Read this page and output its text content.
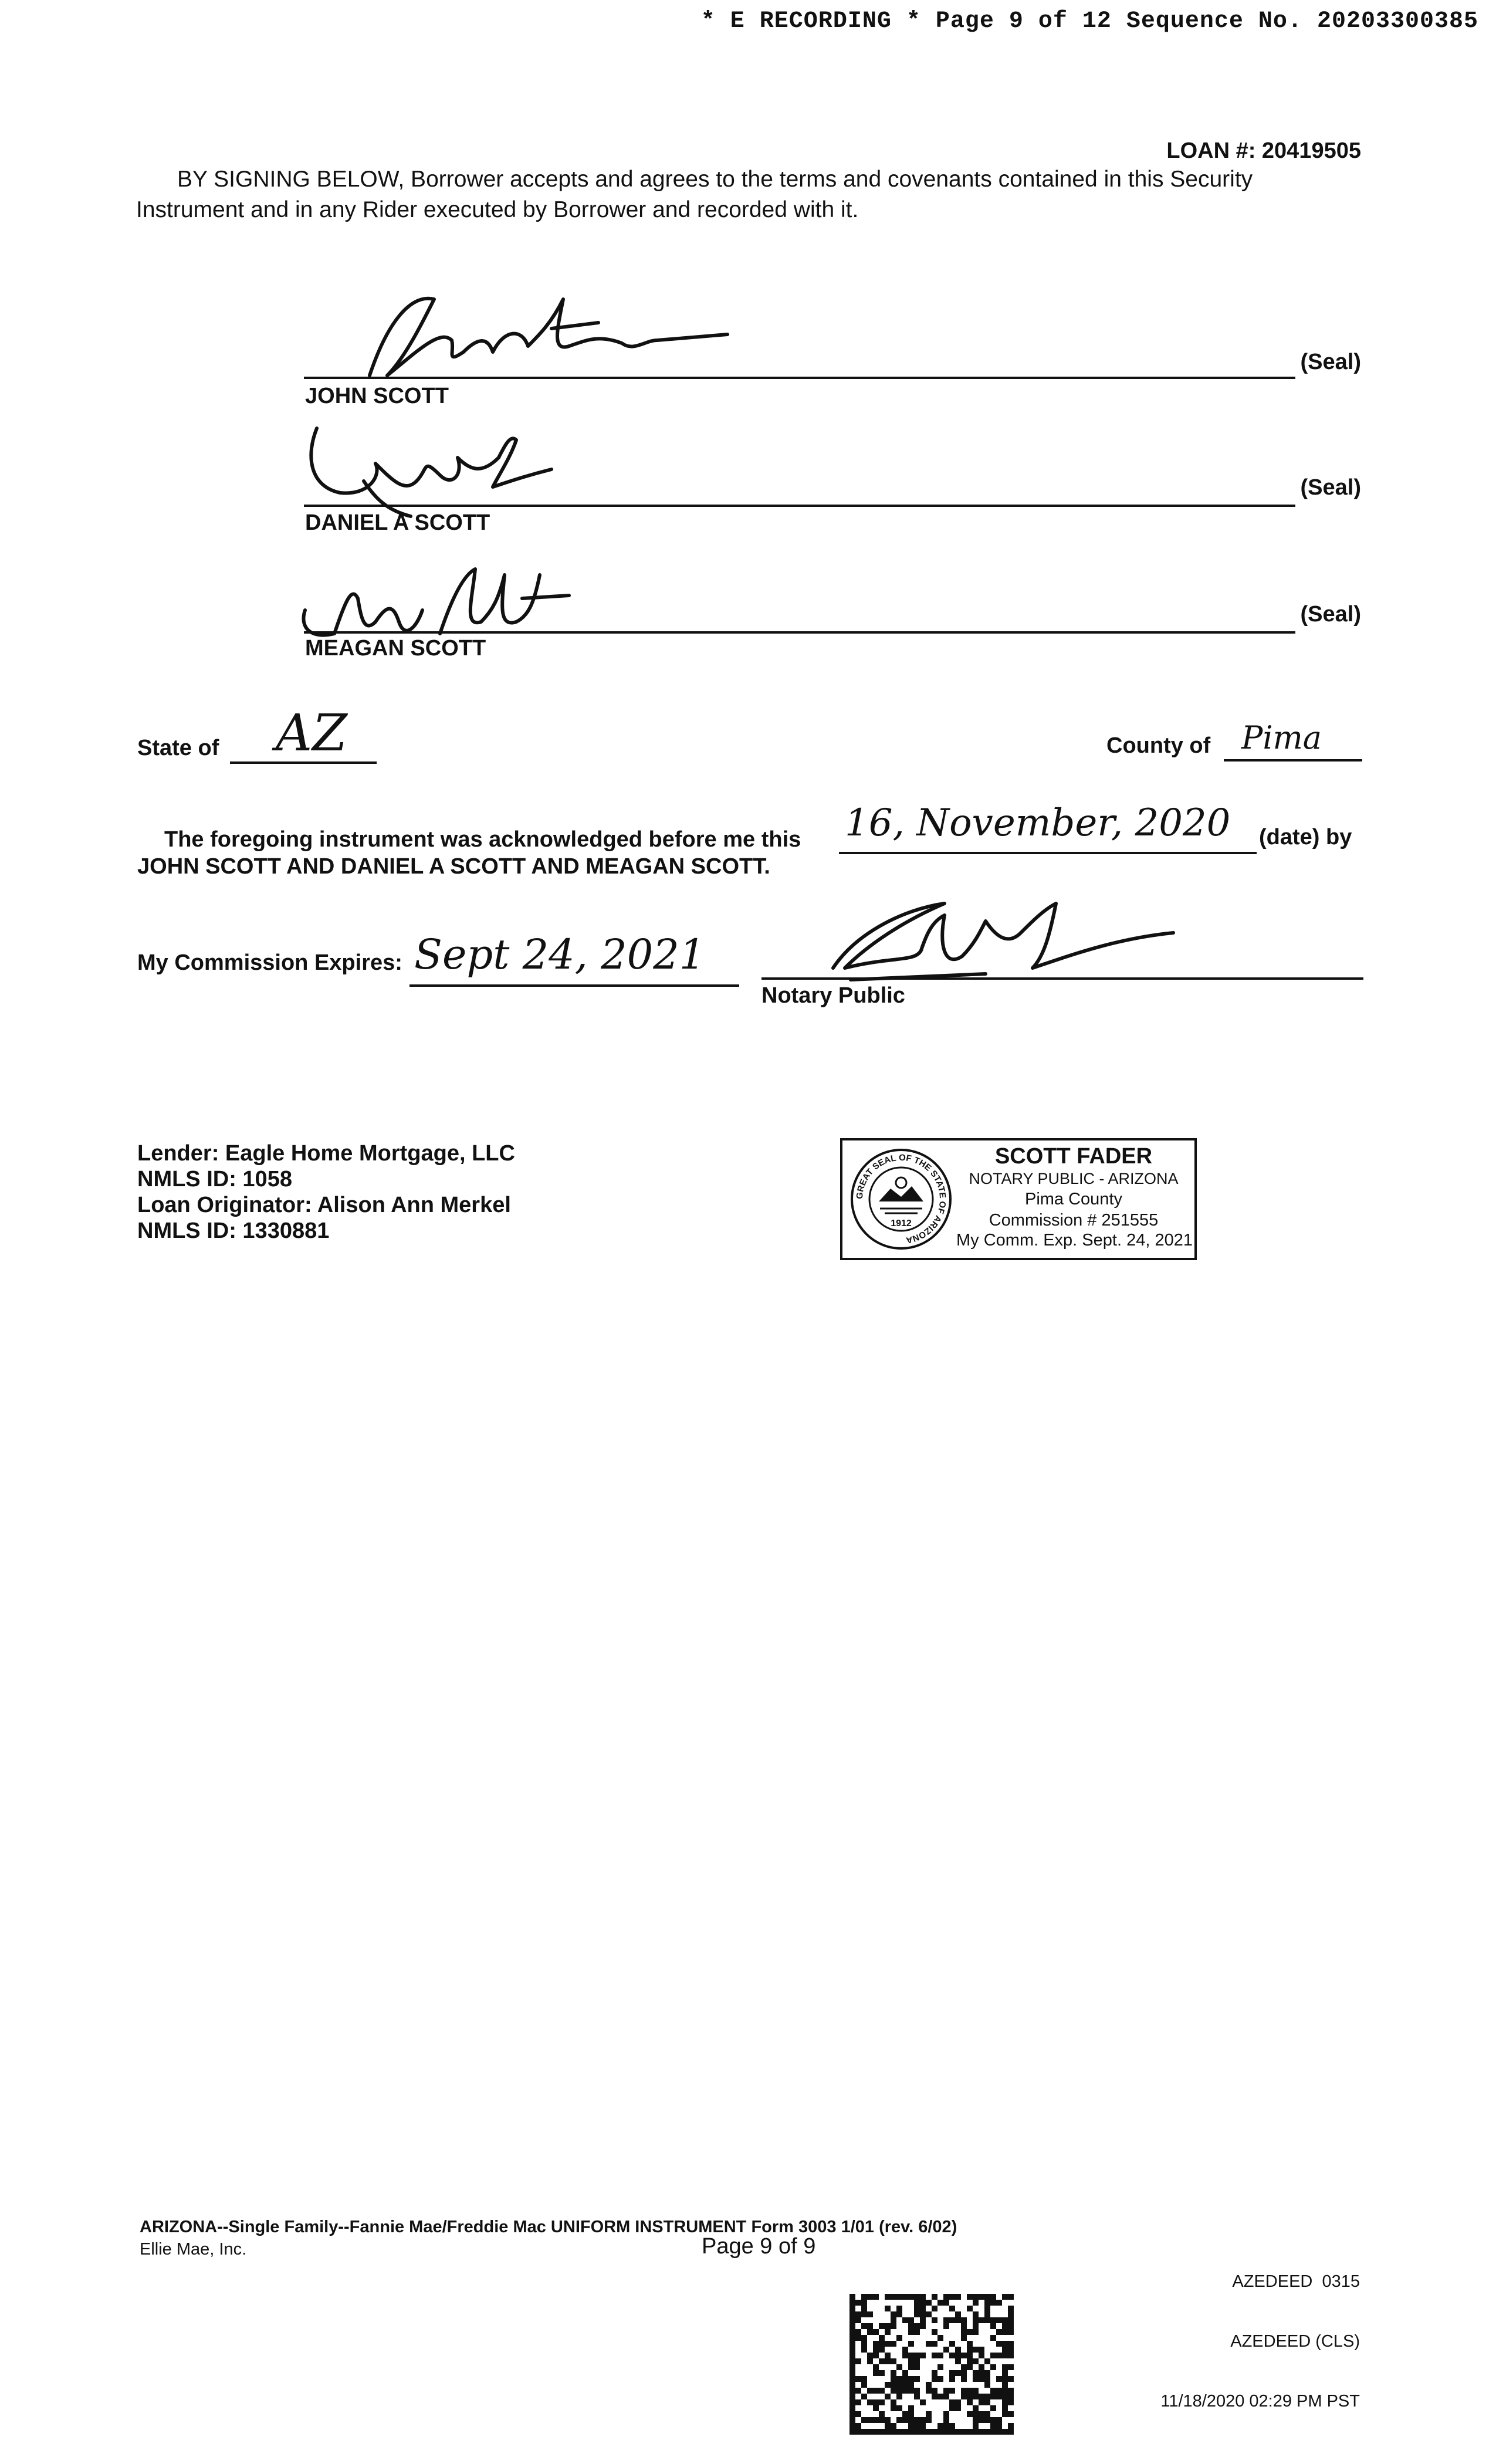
* E RECORDING * Page 9 of 12 Sequence No. 20203300385
LOAN #: 20419505
BY SIGNING BELOW, Borrower accepts and agrees to the terms and covenants contained in this Security Instrument and in any Rider executed by Borrower and recorded with it.
(Seal)
JOHN SCOTT
(Seal)
DANIEL A SCOTT
(Seal)
MEAGAN SCOTT
State of AZ	County of Pima
The foregoing instrument was acknowledged before me this 16, November, 2020 (date) by
JOHN SCOTT AND DANIEL A SCOTT AND MEAGAN SCOTT.
My Commission Expires: Sept 24, 2021
Notary Public
Lender: Eagle Home Mortgage, LLC
NMLS ID: 1058
Loan Originator: Alison Ann Merkel
NMLS ID: 1330881
GREAT SEAL OF THE STATE OF ARIZONA
1912
SCOTT FADER
NOTARY PUBLIC - ARIZONA
Pima County
Commission # 251555
My Comm. Exp. Sept. 24, 2021
ARIZONA--Single Family--Fannie Mae/Freddie Mac UNIFORM INSTRUMENT Form 3003 1/01 (rev. 6/02)
Ellie Mae, Inc.	Page 9 of 9

AZEDEED  0315

AZEDEED (CLS)

11/18/2020 02:29 PM PST
